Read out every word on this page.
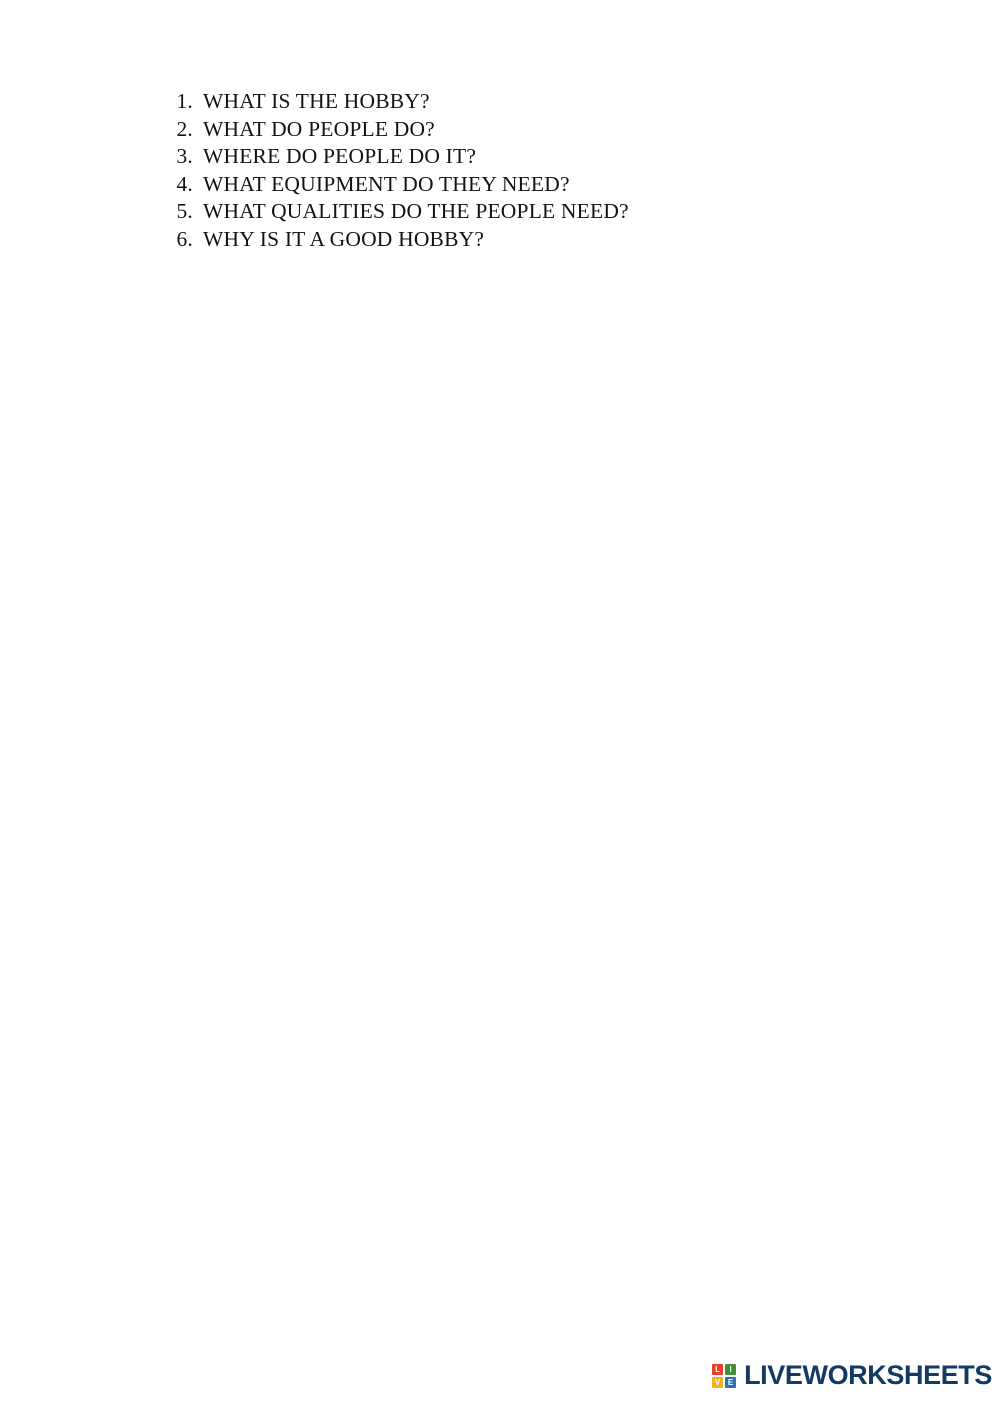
1. WHAT IS THE HOBBY?
2. WHAT DO PEOPLE DO?
3. WHERE DO PEOPLE DO IT?
4. WHAT EQUIPMENT DO THEY NEED?
5. WHAT QUALITIES DO THE PEOPLE NEED?
6. WHY IS IT A GOOD HOBBY?
L	I
V E LIVEWORKSHEETS
